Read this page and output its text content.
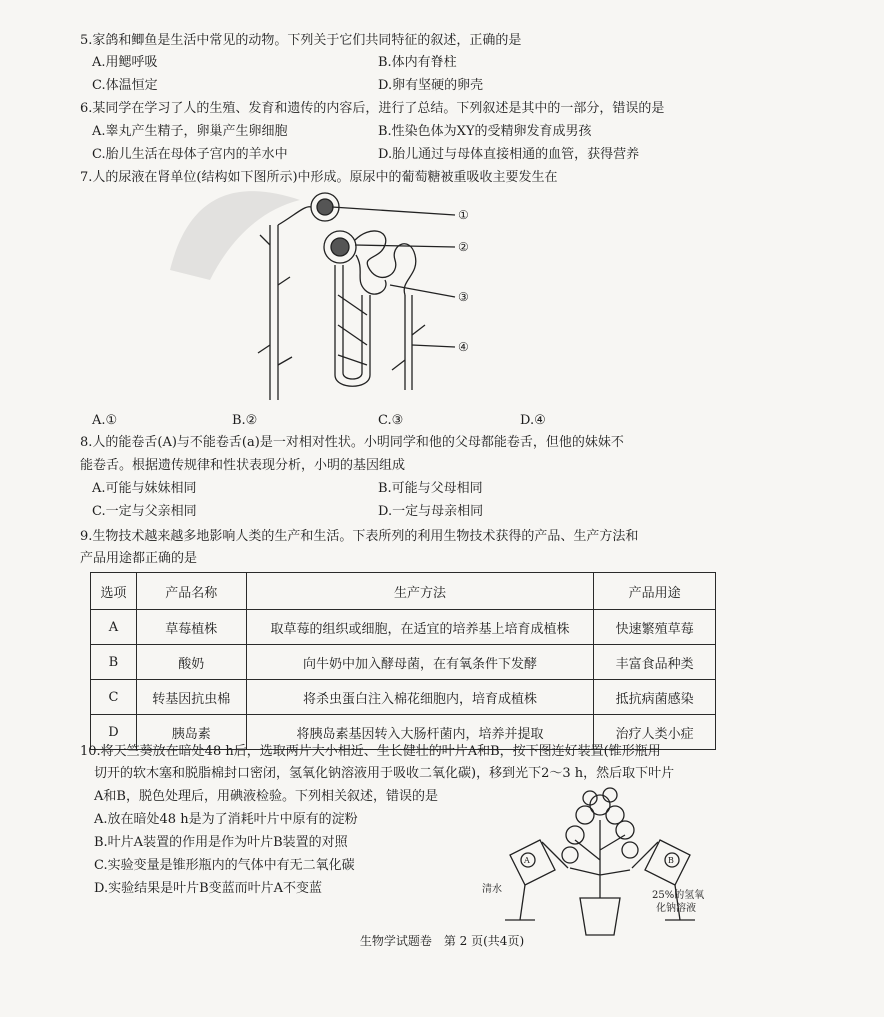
5.家鸽和鲫鱼是生活中常见的动物。下列关于它们共同特征的叙述，正确的是
A.用鳃呼吸	B.体内有脊柱
C.体温恒定	D.卵有坚硬的卵壳
6.某同学在学习了人的生殖、发育和遗传的内容后，进行了总结。下列叙述是其中的一部分，错误的是
A.睾丸产生精子，卵巢产生卵细胞	B.性染色体为XY的受精卵发育成男孩
C.胎儿生活在母体子宫内的羊水中	D.胎儿通过与母体直接相通的血管，获得营养
7.人的尿液在肾单位(结构如下图所示)中形成。原尿中的葡萄糖被重吸收主要发生在
①
②
③
④
A.①	B.②	C.③	D.④
8.人的能卷舌(A)与不能卷舌(a)是一对相对性状。小明同学和他的父母都能卷舌，但他的妹妹不
能卷舌。根据遗传规律和性状表现分析，小明的基因组成
A.可能与妹妹相同	B.可能与父母相同
C.一定与父亲相同	D.一定与母亲相同
9.生物技术越来越多地影响人类的生产和生活。下表所列的利用生物技术获得的产品、生产方法和
产品用途都正确的是
选项	产品名称	生产方法	产品用途
A	草莓植株	取草莓的组织或细胞，在适宜的培养基上培育成植株	快速繁殖草莓
B	酸奶	向牛奶中加入酵母菌，在有氧条件下发酵	丰富食品种类
C	转基因抗虫棉	将杀虫蛋白注入棉花细胞内，培育成植株	抵抗病菌感染
D	胰岛素	将胰岛素基因转入大肠杆菌内，培养并提取	治疗人类小症
10.将天竺葵放在暗处48 h后，选取两片大小相近、生长健壮的叶片A和B，按下图连好装置(锥形瓶用
切开的软木塞和脱脂棉封口密闭，氢氧化钠溶液用于吸收二氧化碳)，移到光下2～3 h，然后取下叶片
A和B，脱色处理后，用碘液检验。下列相关叙述，错误的是
A.放在暗处48 h是为了消耗叶片中原有的淀粉
B.叶片A装置的作用是作为叶片B装置的对照
C.实验变量是锥形瓶内的气体中有无二氧化碳
D.实验结果是叶片B变蓝而叶片A不变蓝
A	B
清水
25%的氢氧
化钠溶液
生物学试题卷　第 2 页(共4页)
